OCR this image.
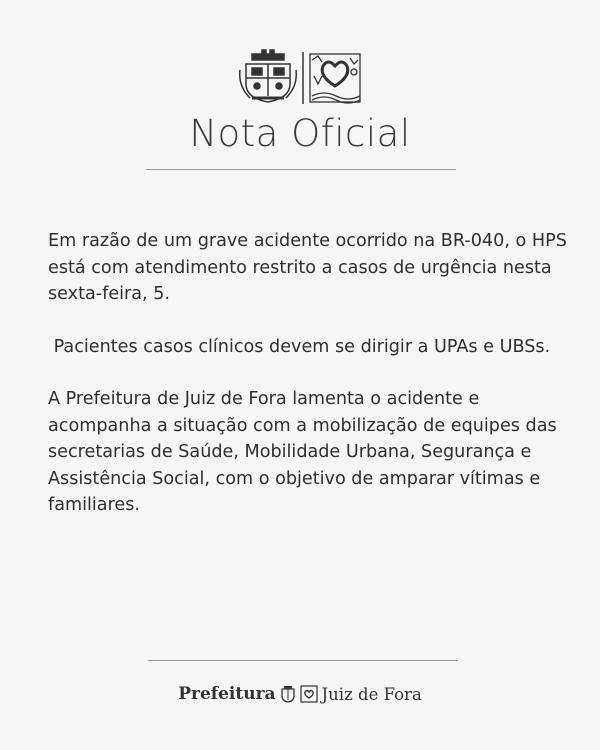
Nota Oficial

Em razão de um grave acidente ocorrido na BR-040, o HPS está com atendimento restrito a casos de urgência nesta sexta-feira, 5.

Pacientes casos clínicos devem se dirigir a UPAs e UBSs.

A Prefeitura de Juiz de Fora lamenta o acidente e acompanha a situação com a mobilização de equipes das secretarias de Saúde, Mobilidade Urbana, Segurança e Assistência Social, com o objetivo de amparar vítimas e familiares.

Prefeitura	Juiz de Fora
